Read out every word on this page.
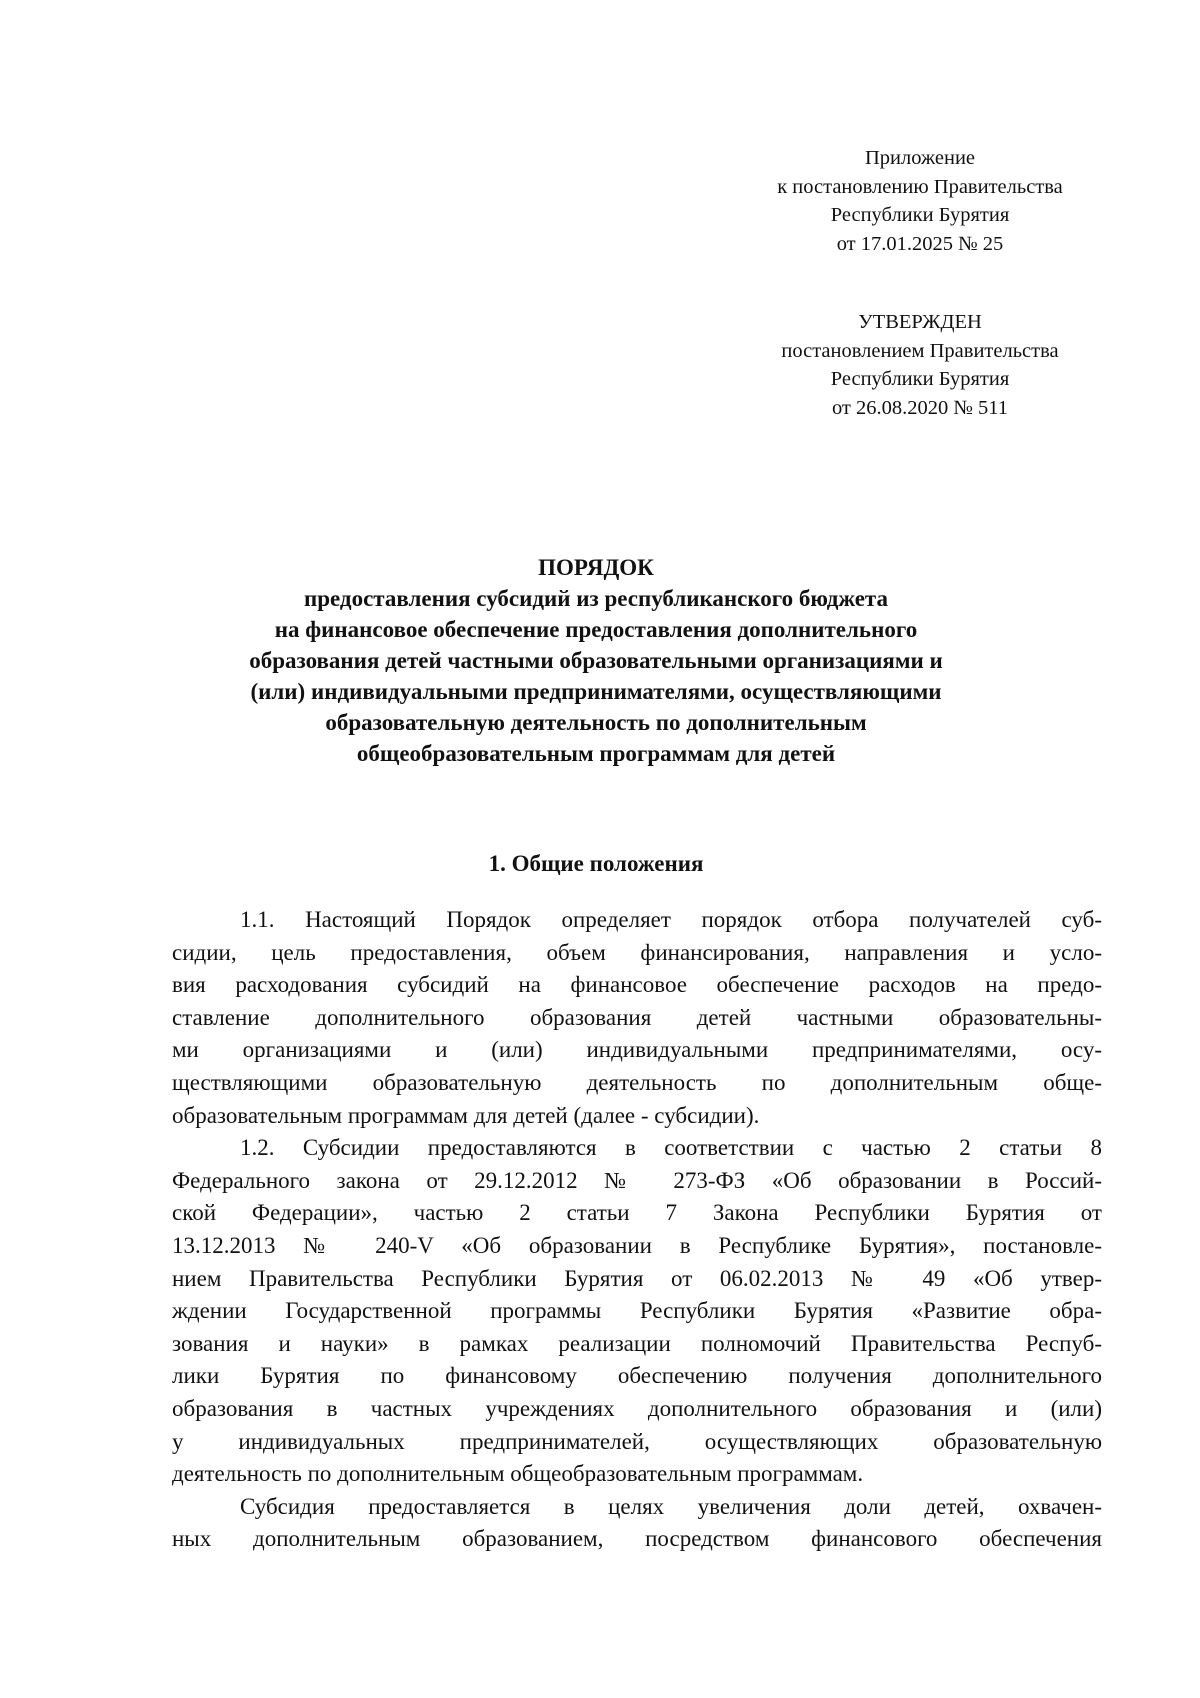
Приложение
к постановлению Правительства
Республики Бурятия
от 17.01.2025 № 25
УТВЕРЖДЕН
постановлением Правительства
Республики Бурятия
от 26.08.2020 № 511
ПОРЯДОК
предоставления субсидий из республиканского бюджета
на финансовое обеспечение предоставления дополнительного
образования детей частными образовательными организациями и
(или) индивидуальными предпринимателями, осуществляющими
образовательную деятельность по дополнительным
общеобразовательным программам для детей
1. Общие положения
1.1. Настоящий Порядок определяет порядок отбора получателей суб-
сидии, цель предоставления, объем финансирования, направления и усло-
вия расходования субсидий на финансовое обеспечение расходов на предо-
ставление дополнительного образования детей частными образовательны-
ми организациями и (или) индивидуальными предпринимателями, осу-
ществляющими образовательную деятельность по дополнительным обще-
образовательным программам для детей (далее - субсидии).
1.2. Субсидии предоставляются в соответствии с частью 2 статьи 8
Федерального закона от 29.12.2012 № 273-ФЗ «Об образовании в Россий-
ской Федерации», частью 2 статьи 7 Закона Республики Бурятия от
13.12.2013 № 240-V «Об образовании в Республике Бурятия», постановле-
нием Правительства Республики Бурятия от 06.02.2013 № 49 «Об утвер-
ждении Государственной программы Республики Бурятия «Развитие обра-
зования и науки» в рамках реализации полномочий Правительства Респуб-
лики Бурятия по финансовому обеспечению получения дополнительного
образования в частных учреждениях дополнительного образования и (или)
у индивидуальных предпринимателей, осуществляющих образовательную
деятельность по дополнительным общеобразовательным программам.
Субсидия предоставляется в целях увеличения доли детей, охвачен-
ных дополнительным образованием, посредством финансового обеспечения
